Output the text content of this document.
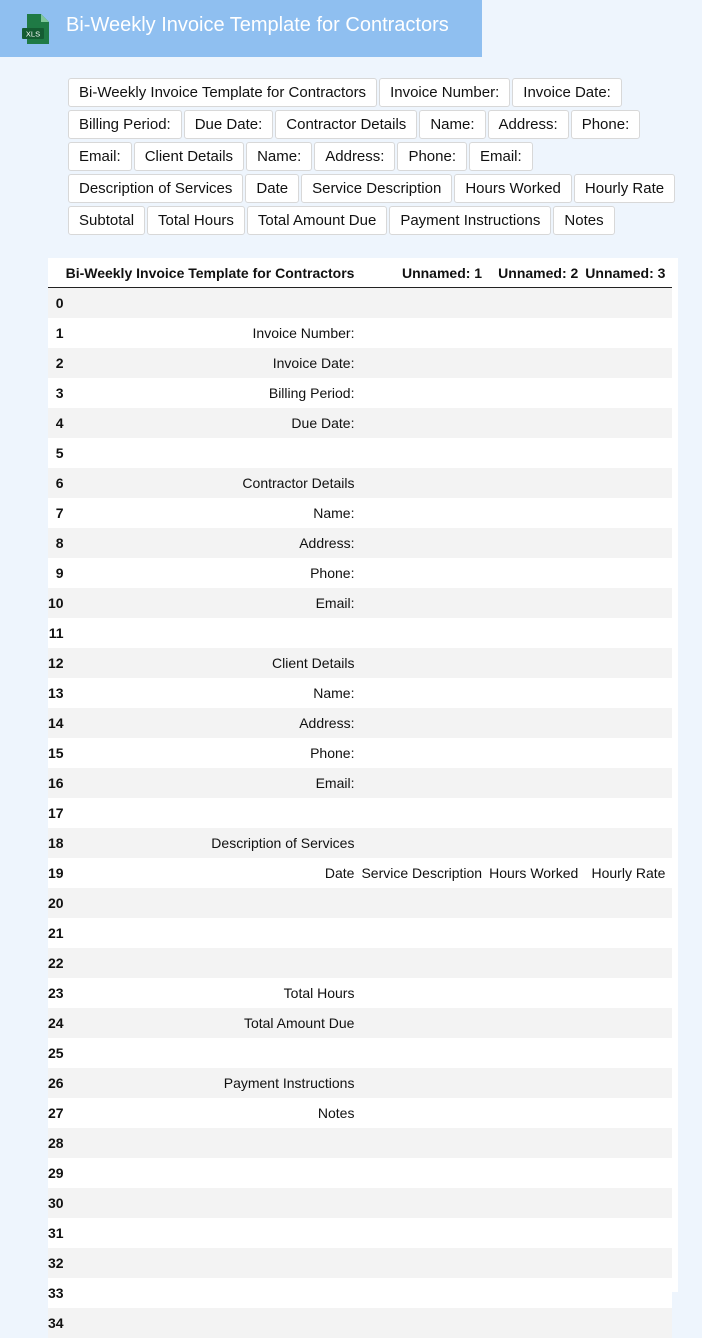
XLS Bi-Weekly Invoice Template for Contractors
Bi-Weekly Invoice Template for Contractors	Invoice Number:	Invoice Date:
Billing Period:	Due Date:	Contractor Details	Name:	Address:	Phone:
Email:	Client Details	Name:	Address:	Phone:	Email:
Description of Services	Date	Service Description	Hours Worked	Hourly Rate
Subtotal	Total Hours	Total Amount Due	Payment Instructions	Notes
	Bi-Weekly Invoice Template for Contractors	Unnamed: 1	Unnamed: 2	Unnamed: 3
0				
1	Invoice Number:			
2	Invoice Date:			
3	Billing Period:			
4	Due Date:			
5				
6	Contractor Details			
7	Name:			
8	Address:			
9	Phone:			
10	Email:			
11				
12	Client Details			
13	Name:			
14	Address:			
15	Phone:			
16	Email:			
17				
18	Description of Services			
19	Date	Service Description	Hours Worked	Hourly Rate
20				
21				
22				
23	Total Hours			
24	Total Amount Due			
25				
26	Payment Instructions			
27	Notes			
28				
29				
30				
31				
32				
33				
34				
